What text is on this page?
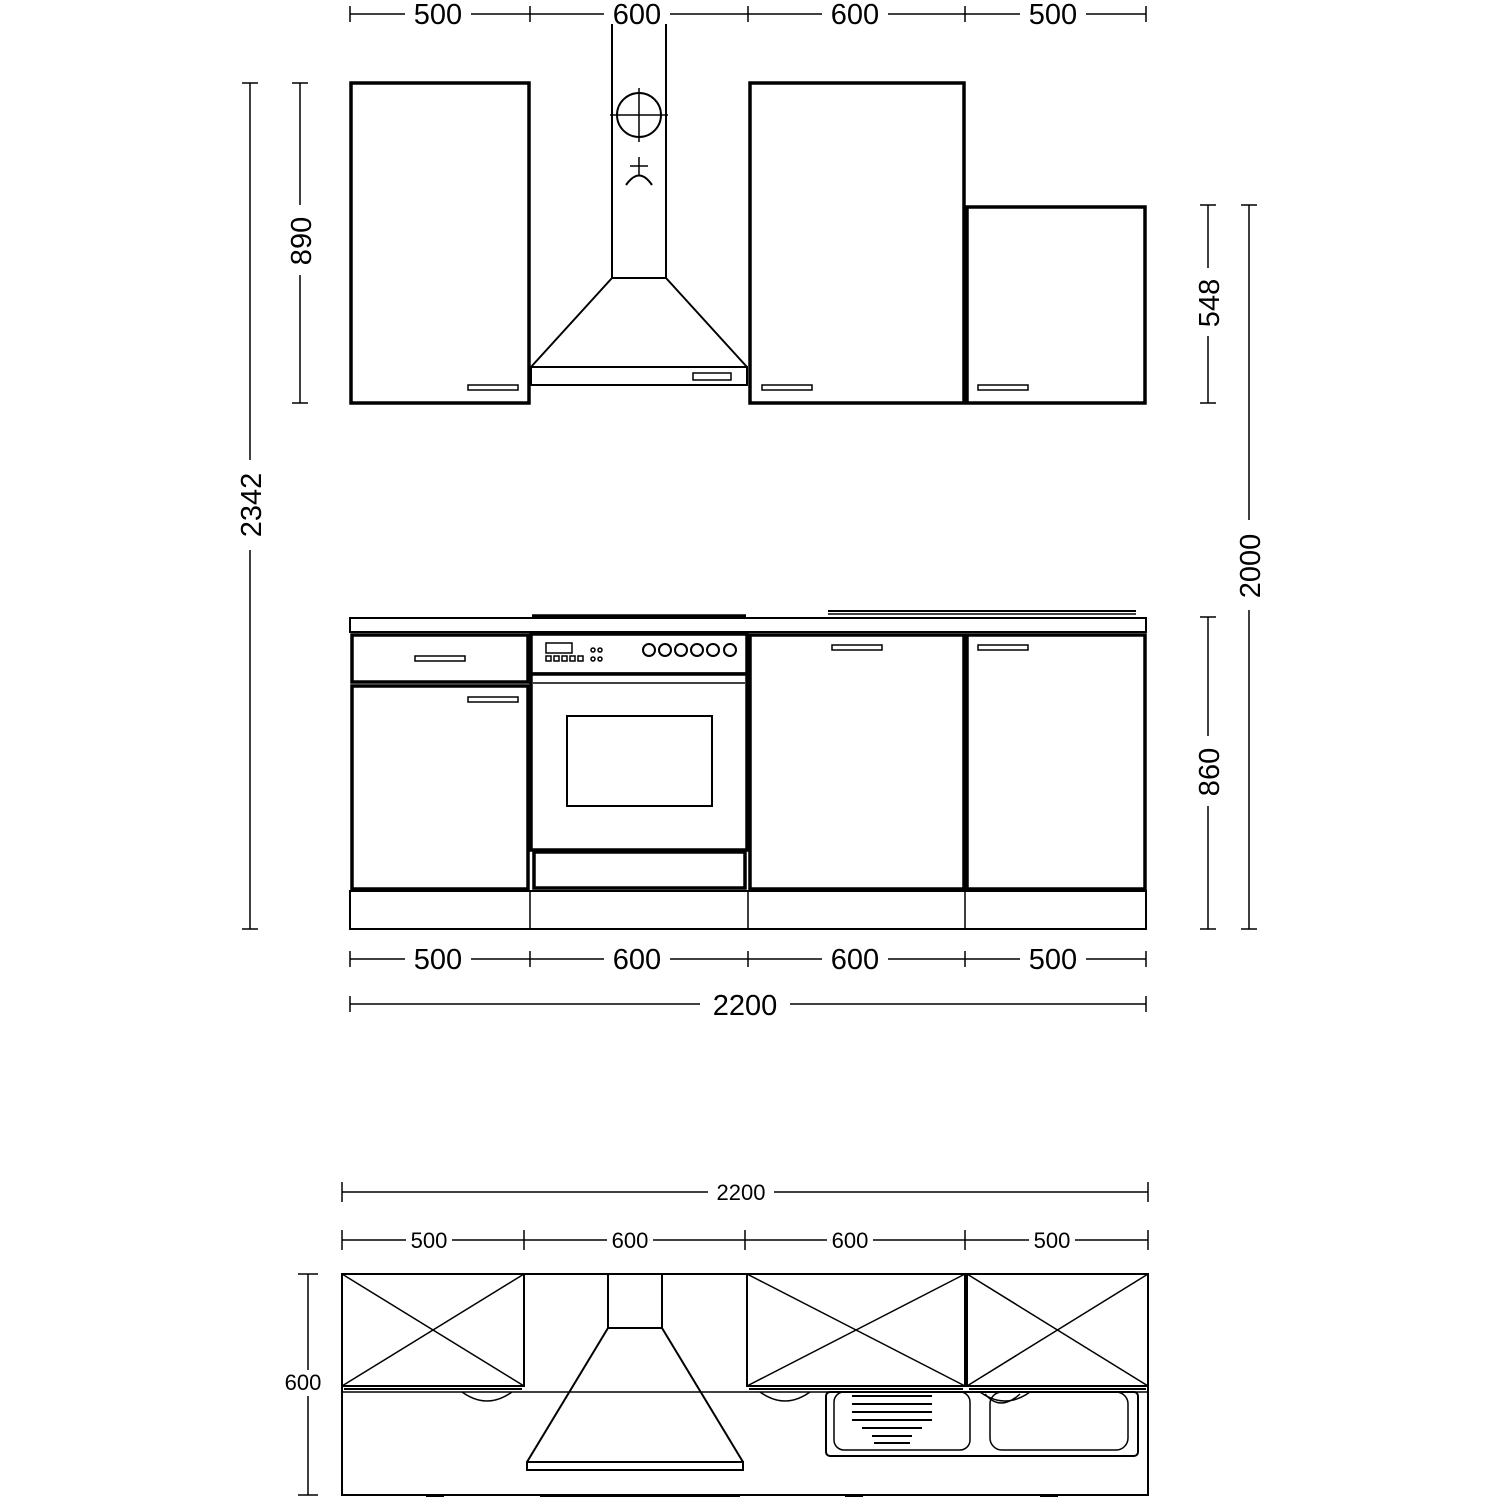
500	600	600	500
890
548
2342
2000
860
500	600	600	500
2200
2200
500	600	600	500
600
